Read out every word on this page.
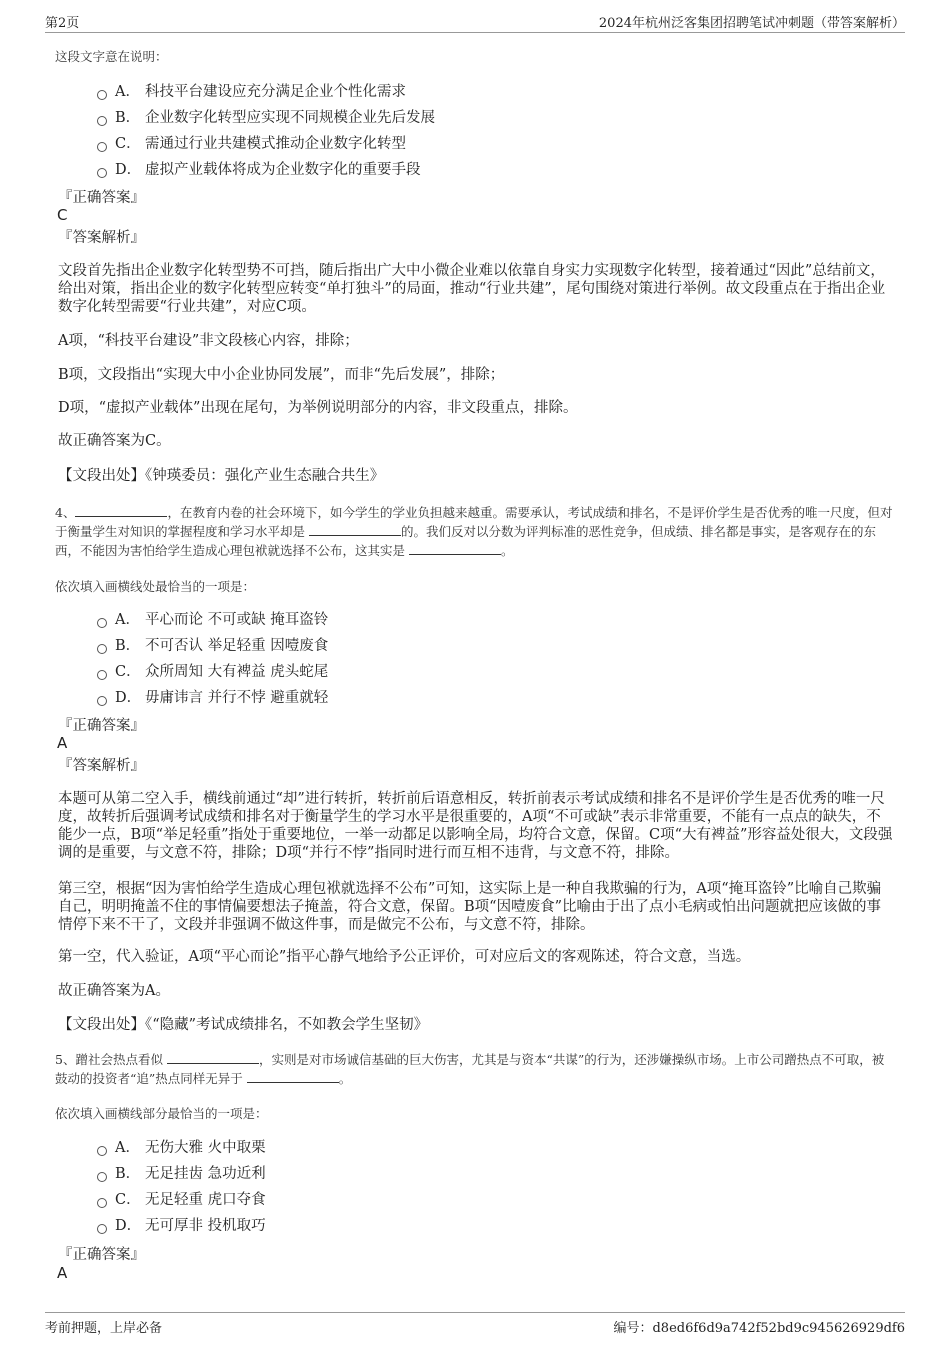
第2页	2024年杭州泛客集团招聘笔试冲刺题（带答案解析）
这段文字意在说明：
A． 科技平台建设应充分满足企业个性化需求
B． 企业数字化转型应实现不同规模企业先后发展
C． 需通过行业共建模式推动企业数字化转型
D． 虚拟产业载体将成为企业数字化的重要手段
『正确答案』
C
『答案解析』
文段首先指出企业数字化转型势不可挡，随后指出广大中小微企业难以依靠自身实力实现数字化转型，接着通过“因此”总结前文，给出对策，指出企业的数字化转型应转变“单打独斗”的局面，推动“行业共建”，尾句围绕对策进行举例。故文段重点在于指出企业数字化转型需要“行业共建”，对应C项。
A项，“科技平台建设”非文段核心内容，排除；
B项，文段指出“实现大中小企业协同发展”，而非“先后发展”，排除；
D项，“虚拟产业载体”出现在尾句，为举例说明部分的内容，非文段重点，排除。
故正确答案为C。
【文段出处】《钟瑛委员：强化产业生态融合共生》
4、	，在教育内卷的社会环境下，如今学生的学业负担越来越重。需要承认，考试成绩和排名，不是评价学生是否优秀的唯一尺度，但对于衡量学生对知识的掌握程度和学习水平却是	的。我们反对以分数为评判标准的恶性竞争，但成绩、排名都是事实，是客观存在的东西，不能因为害怕给学生造成心理包袱就选择不公布，这其实是	。
依次填入画横线处最恰当的一项是：
A． 平心而论 不可或缺 掩耳盗铃
B． 不可否认 举足轻重 因噎废食
C． 众所周知 大有裨益 虎头蛇尾
D． 毋庸讳言 并行不悖 避重就轻
『正确答案』
A
『答案解析』
本题可从第二空入手，横线前通过“却”进行转折，转折前后语意相反，转折前表示考试成绩和排名不是评价学生是否优秀的唯一尺度，故转折后强调考试成绩和排名对于衡量学生的学习水平是很重要的，A项“不可或缺”表示非常重要，不能有一点点的缺失，不能少一点，B项“举足轻重”指处于重要地位，一举一动都足以影响全局，均符合文意，保留。C项“大有裨益”形容益处很大，文段强调的是重要，与文意不符，排除；D项“并行不悖”指同时进行而互相不违背，与文意不符，排除。
第三空，根据“因为害怕给学生造成心理包袱就选择不公布”可知，这实际上是一种自我欺骗的行为，A项“掩耳盗铃”比喻自己欺骗自己，明明掩盖不住的事情偏要想法子掩盖，符合文意，保留。B项“因噎废食”比喻由于出了点小毛病或怕出问题就把应该做的事情停下来不干了，文段并非强调不做这件事，而是做完不公布，与文意不符，排除。
第一空，代入验证，A项“平心而论”指平心静气地给予公正评价，可对应后文的客观陈述，符合文意，当选。
故正确答案为A。
【文段出处】《“隐藏”考试成绩排名，不如教会学生坚韧》
5、蹭社会热点看似	，实则是对市场诚信基础的巨大伤害，尤其是与资本“共谋”的行为，还涉嫌操纵市场。上市公司蹭热点不可取，被鼓动的投资者“追”热点同样无异于	。
依次填入画横线部分最恰当的一项是：
A． 无伤大雅 火中取栗
B． 无足挂齿 急功近利
C． 无足轻重 虎口夺食
D． 无可厚非 投机取巧
『正确答案』
A
考前押题，上岸必备	编号：d8ed6f6d9a742f52bd9c945626929df6
